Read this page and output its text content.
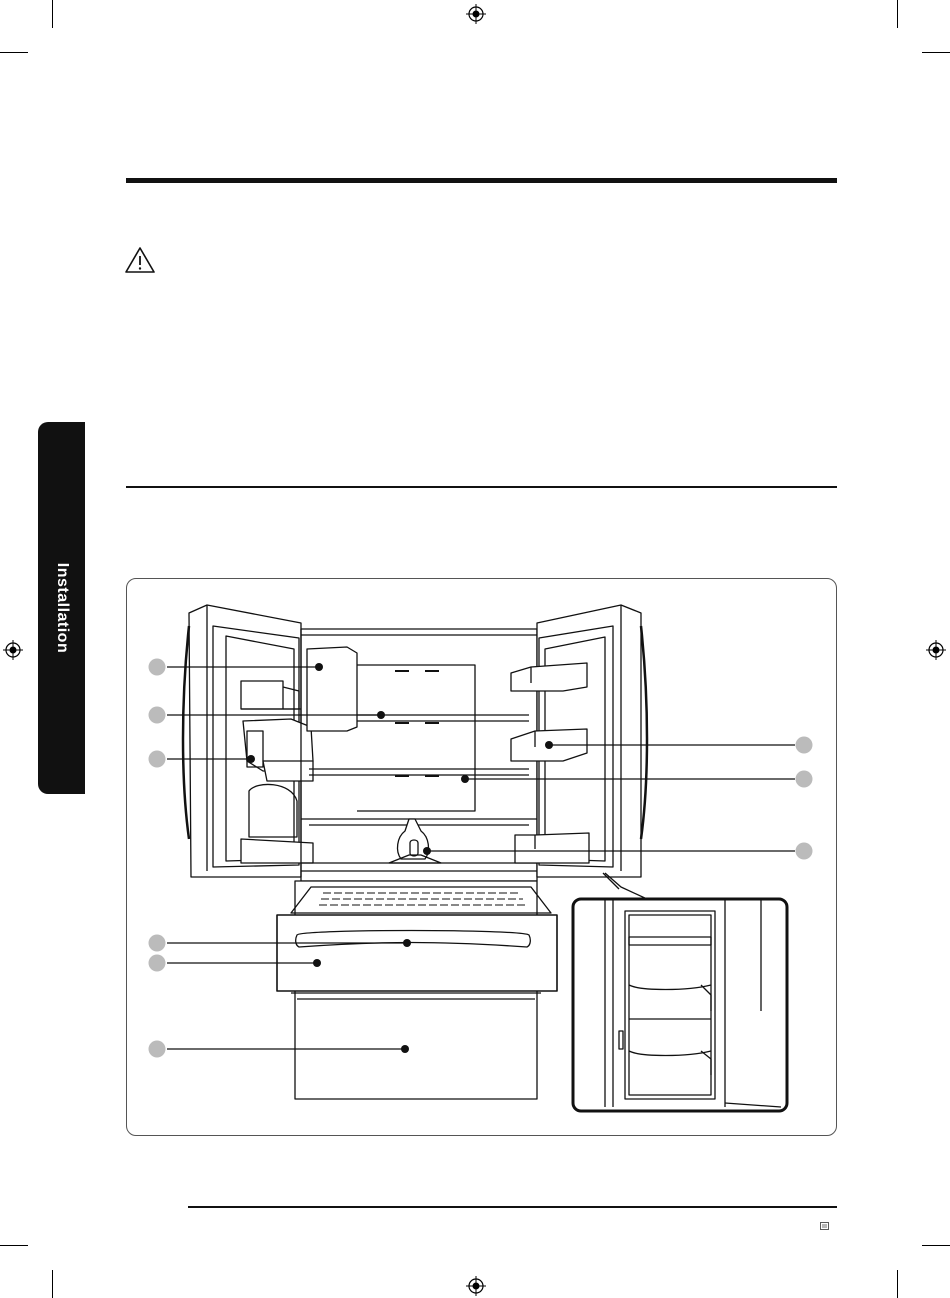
Installation
